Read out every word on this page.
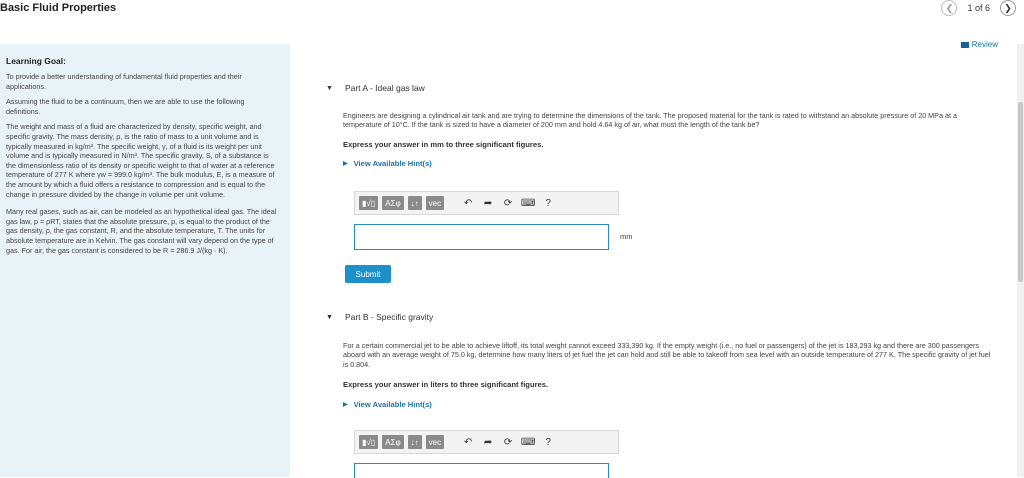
Basic Fluid Properties	❮	1 of 6	❯
Review
Learning Goal:
To provide a better understanding of fundamental fluid properties and their applications.
Assuming the fluid to be a continuum, then we are able to use the following definitions.
The weight and mass of a fluid are characterized by density, specific weight, and specific gravity. The mass density, ρ, is the ratio of mass to a unit volume and is typically measured in kg/m³. The specific weight, γ, of a fluid is its weight per unit volume and is typically measured in N/m³. The specific gravity, S, of a substance is the dimensionless ratio of its density or specific weight to that of water at a reference temperature of 277 K where γw = 999.0 kg/m³. The bulk modulus, E, is a measure of the amount by which a fluid offers a resistance to compression and is equal to the change in pressure divided by the change in volume per unit volume.
Many real gases, such as air, can be modeled as an hypothetical ideal gas. The ideal gas law, p = ρRT, states that the absolute pressure, p, is equal to the product of the gas density, ρ, the gas constant, R, and the absolute temperature, T. The units for absolute temperature are in Kelvin. The gas constant will vary depend on the type of gas. For air, the gas constant is considered to be R = 286.9 J/(kg · K).
▼ Part A - Ideal gas law
Engineers are designing a cylindrical air tank and are trying to determine the dimensions of the tank. The proposed material for the tank is rated to withstand an absolute pressure of 20 MPa at a temperature of 10°C. If the tank is sized to have a diameter of 200 mm and hold 4.64 kg of air, what must the length of the tank be?
Express your answer in mm to three significant figures.
▶ View Available Hint(s)
▮√▯	ΑΣφ	↓↑	vec	↶	➦	⟳ ⌨	?
mm
Submit
▼ Part B - Specific gravity
For a certain commercial jet to be able to achieve liftoff, its total weight cannot exceed 333,390 kg. If the empty weight (i.e., no fuel or passengers) of the jet is 183,293 kg and there are 300 passengers aboard with an average weight of 75.0 kg, determine how many liters of jet fuel the jet can hold and still be able to takeoff from sea level with an outside temperature of 277 K. The specific gravity of jet fuel is 0.804.
Express your answer in liters to three significant figures.
▶ View Available Hint(s)
▮√▯	ΑΣφ	↓↑	vec	↶	➦	⟳ ⌨	?
